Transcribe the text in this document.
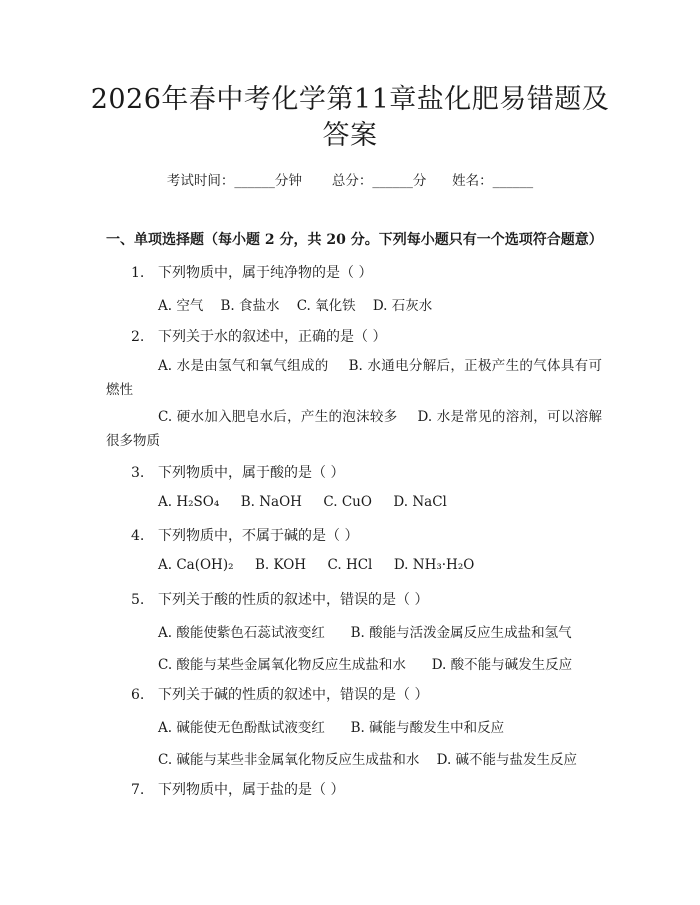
2026年春中考化学第11章盐化肥易错题及答案
考试时间：______分钟 总分：______分 姓名：______
一、单项选择题（每小题 2 分，共 20 分。下列每小题只有一个选项符合题意）
1. 下列物质中，属于纯净物的是（ ）
A. 空气 B. 食盐水 C. 氧化铁 D. 石灰水
2. 下列关于水的叙述中，正确的是（ ）
A. 水是由氢气和氧气组成的 B. 水通电分解后，正极产生的气体具有可燃性
C. 硬水加入肥皂水后，产生的泡沫较多 D. 水是常见的溶剂，可以溶解很多物质
3. 下列物质中，属于酸的是（ ）
A. H₂SO₄ B. NaOH C. CuO D. NaCl
4. 下列物质中，不属于碱的是（ ）
A. Ca(OH)₂ B. KOH C. HCl D. NH₃·H₂O
5. 下列关于酸的性质的叙述中，错误的是（ ）
A. 酸能使紫色石蕊试液变红 B. 酸能与活泼金属反应生成盐和氢气
C. 酸能与某些金属氧化物反应生成盐和水 D. 酸不能与碱发生反应
6. 下列关于碱的性质的叙述中，错误的是（ ）
A. 碱能使无色酚酞试液变红 B. 碱能与酸发生中和反应
C. 碱能与某些非金属氧化物反应生成盐和水 D. 碱不能与盐发生反应
7. 下列物质中，属于盐的是（ ）
